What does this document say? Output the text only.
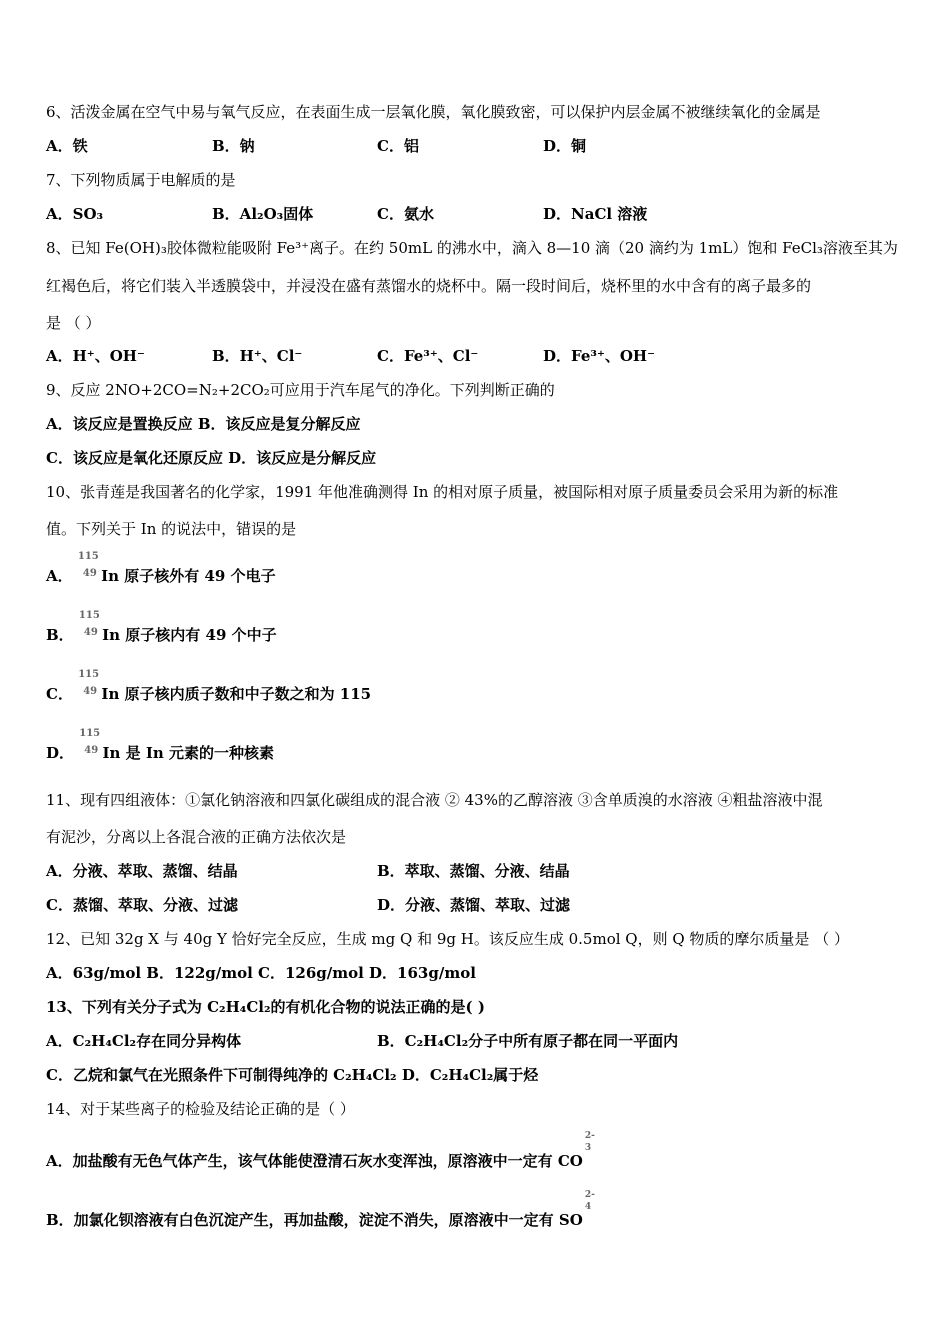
6、活泼金属在空气中易与氧气反应，在表面生成一层氧化膜，氧化膜致密，可以保护内层金属不被继续氧化的金属是
A．铁	B．钠	C．铝	D．铜
7、下列物质属于电解质的是
A．SO₃	B．Al₂O₃固体	C．氨水	D．NaCl 溶液
8、已知 Fe(OH)₃胶体微粒能吸附 Fe³⁺离子。在约 50mL 的沸水中，滴入 8—10 滴（20 滴约为 1mL）饱和 FeCl₃溶液至其为
红褐色后，将它们装入半透膜袋中，并浸没在盛有蒸馏水的烧杯中。隔一段时间后，烧杯里的水中含有的离子最多的
是 （ ）
A．H⁺、OH⁻	B．H⁺、Cl⁻	C．Fe³⁺、Cl⁻	D．Fe³⁺、OH⁻
9、反应 2NO+2CO=N₂+2CO₂可应用于汽车尾气的净化。下列判断正确的
A．该反应是置换反应 B．该反应是复分解反应
C．该反应是氧化还原反应 D．该反应是分解反应
10、张青莲是我国著名的化学家，1991 年他准确测得 In 的相对原子质量，被国际相对原子质量委员会采用为新的标准
值。下列关于 In 的说法中，错误的是
A．
115
49 In 原子核外有 49 个电子
B．
115
49 In 原子核内有 49 个中子
C．
115
49 In 原子核内质子数和中子数之和为 115
D．
115
49 In 是 In 元素的一种核素
11、现有四组液体：①氯化钠溶液和四氯化碳组成的混合液 ② 43%的乙醇溶液 ③含单质溴的水溶液 ④粗盐溶液中混
有泥沙，分离以上各混合液的正确方法依次是
A．分液、萃取、蒸馏、结晶	B．萃取、蒸馏、分液、结晶
C．蒸馏、萃取、分液、过滤	D．分液、蒸馏、萃取、过滤
12、已知 32g X 与 40g Y 恰好完全反应，生成 mg Q 和 9g H。该反应生成 0.5mol Q，则 Q 物质的摩尔质量是 （ ）
A．63g/mol B．122g/mol C．126g/mol D．163g/mol
13、下列有关分子式为 C₂H₄Cl₂的有机化合物的说法正确的是( )
A．C₂H₄Cl₂存在同分异构体	B．C₂H₄Cl₂分子中所有原子都在同一平面内
C．乙烷和氯气在光照条件下可制得纯净的 C₂H₄Cl₂ D．C₂H₄Cl₂属于烃
14、对于某些离子的检验及结论正确的是（ ）
A．加盐酸有无色气体产生，该气体能使澄清石灰水变浑浊，原溶液中一定有 CO
2-
3
B．加氯化钡溶液有白色沉淀产生，再加盐酸，淀淀不消失，原溶液中一定有 SO
2-
4
